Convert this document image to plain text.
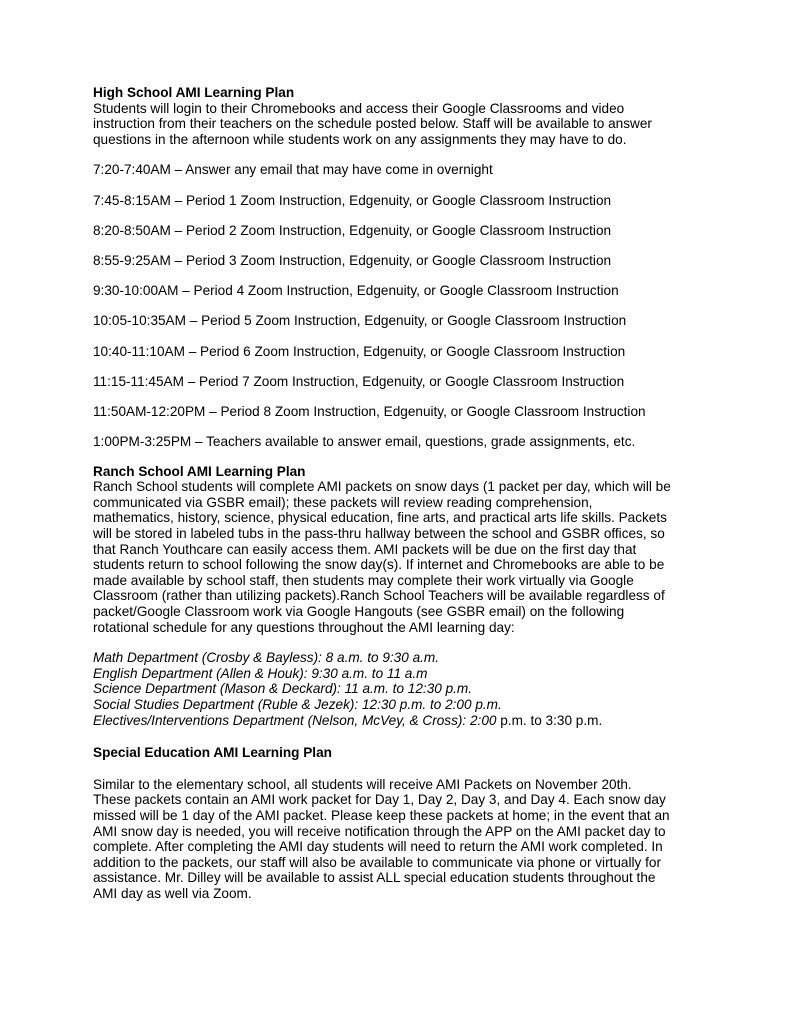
High School AMI Learning Plan

Students will login to their Chromebooks and access their Google Classrooms and video

instruction from their teachers on the schedule posted below. Staff will be available to answer

questions in the afternoon while students work on any assignments they may have to do.

7:20-7:40AM – Answer any email that may have come in overnight

7:45-8:15AM – Period 1 Zoom Instruction, Edgenuity, or Google Classroom Instruction

8:20-8:50AM – Period 2 Zoom Instruction, Edgenuity, or Google Classroom Instruction

8:55-9:25AM – Period 3 Zoom Instruction, Edgenuity, or Google Classroom Instruction

9:30-10:00AM – Period 4 Zoom Instruction, Edgenuity, or Google Classroom Instruction

10:05-10:35AM – Period 5 Zoom Instruction, Edgenuity, or Google Classroom Instruction

10:40-11:10AM – Period 6 Zoom Instruction, Edgenuity, or Google Classroom Instruction

11:15-11:45AM – Period 7 Zoom Instruction, Edgenuity, or Google Classroom Instruction

11:50AM-12:20PM – Period 8 Zoom Instruction, Edgenuity, or Google Classroom Instruction

1:00PM-3:25PM – Teachers available to answer email, questions, grade assignments, etc.

Ranch School AMI Learning Plan

Ranch School students will complete AMI packets on snow days (1 packet per day, which will be

communicated via GSBR email); these packets will review reading comprehension,

mathematics, history, science, physical education, fine arts, and practical arts life skills. Packets

will be stored in labeled tubs in the pass-thru hallway between the school and GSBR offices, so

that Ranch Youthcare can easily access them. AMI packets will be due on the first day that

students return to school following the snow day(s). If internet and Chromebooks are able to be

made available by school staff, then students may complete their work virtually via Google

Classroom (rather than utilizing packets).Ranch School Teachers will be available regardless of

packet/Google Classroom work via Google Hangouts (see GSBR email) on the following

rotational schedule for any questions throughout the AMI learning day:

Math Department (Crosby & Bayless): 8 a.m. to 9:30 a.m.

English Department (Allen & Houk): 9:30 a.m. to 11 a.m

Science Department (Mason & Deckard): 11 a.m. to 12:30 p.m.

Social Studies Department (Ruble & Jezek): 12:30 p.m. to 2:00 p.m.

Electives/Interventions Department (Nelson, McVey, & Cross): 2:00 p.m. to 3:30 p.m.

Special Education AMI Learning Plan

Similar to the elementary school, all students will receive AMI Packets on November 20th.

These packets contain an AMI work packet for Day 1, Day 2, Day 3, and Day 4. Each snow day

missed will be 1 day of the AMI packet. Please keep these packets at home; in the event that an

AMI snow day is needed, you will receive notification through the APP on the AMI packet day to

complete. After completing the AMI day students will need to return the AMI work completed. In

addition to the packets, our staff will also be available to communicate via phone or virtually for

assistance. Mr. Dilley will be available to assist ALL special education students throughout the

AMI day as well via Zoom.
